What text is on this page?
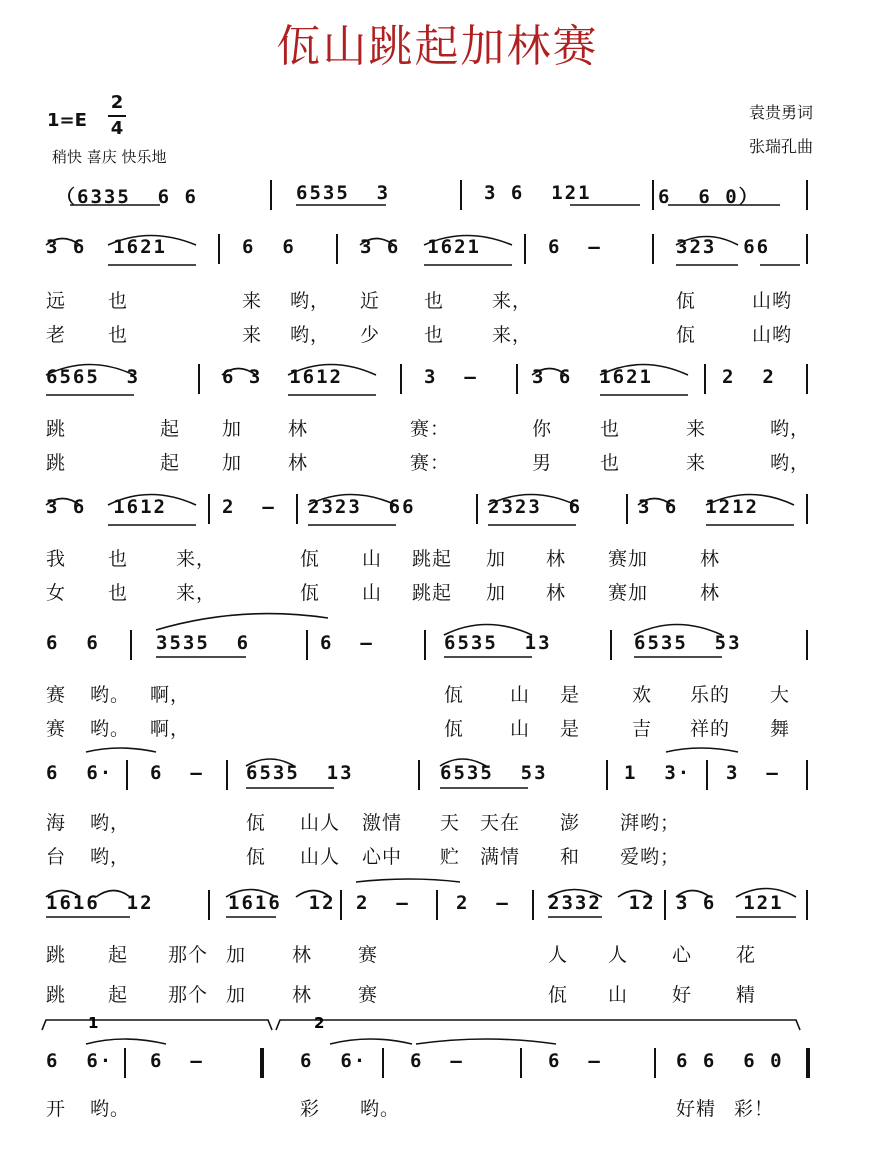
佤山跳起加林赛
1=E
2
4
稍快 喜庆 快乐地
袁贵勇词
张瑞孔曲
（6335  6 6	6535  3	3 6  121	6  6 0）
3 6  1621	6  6	3 6  1621	6  –	323  66
远 也	来 哟， 近 也	来，	佤	山哟
老 也	来 哟， 少 也	来，	佤	山哟
6565  3	6 3  1612	3  –	3 6  1621	2  2
跳	起 加 林	赛：	你	也	来	哟，
跳	起 加 林	赛：	男	也	来	哟，
3 6  1612	2  – 2323  66	2323  6	3 6  1212
我 也	来，	佤 山 跳起 加 林 赛加	林
女 也	来，	佤 山 跳起 加 林 赛加	林
6  6	3535  6	6  –	6535  13	6535  53
赛 哟。 啊，	佤 山 是	欢 乐的 大
赛 哟。 啊，	佤 山 是	吉 祥的 舞
6  6· 6  – 6535  13	6535  53	1  3· 3  –
海 哟，	佤 山人 激情 天 天在 澎 湃哟；
台 哟，	佤 山人 心中 贮 满情 和 爱哟；
1616  12	1616  12 2  – 2  – 2332  12 3 6  121
跳 起 那个 加 林 赛	人 人 心 花
跳 起 那个 加 林 赛	佤 山 好 精
6  6· 6  –	6  6· 6  –	6  –	6 6  6 0
开 哟。	彩 哟。	好精 彩！
1	2
